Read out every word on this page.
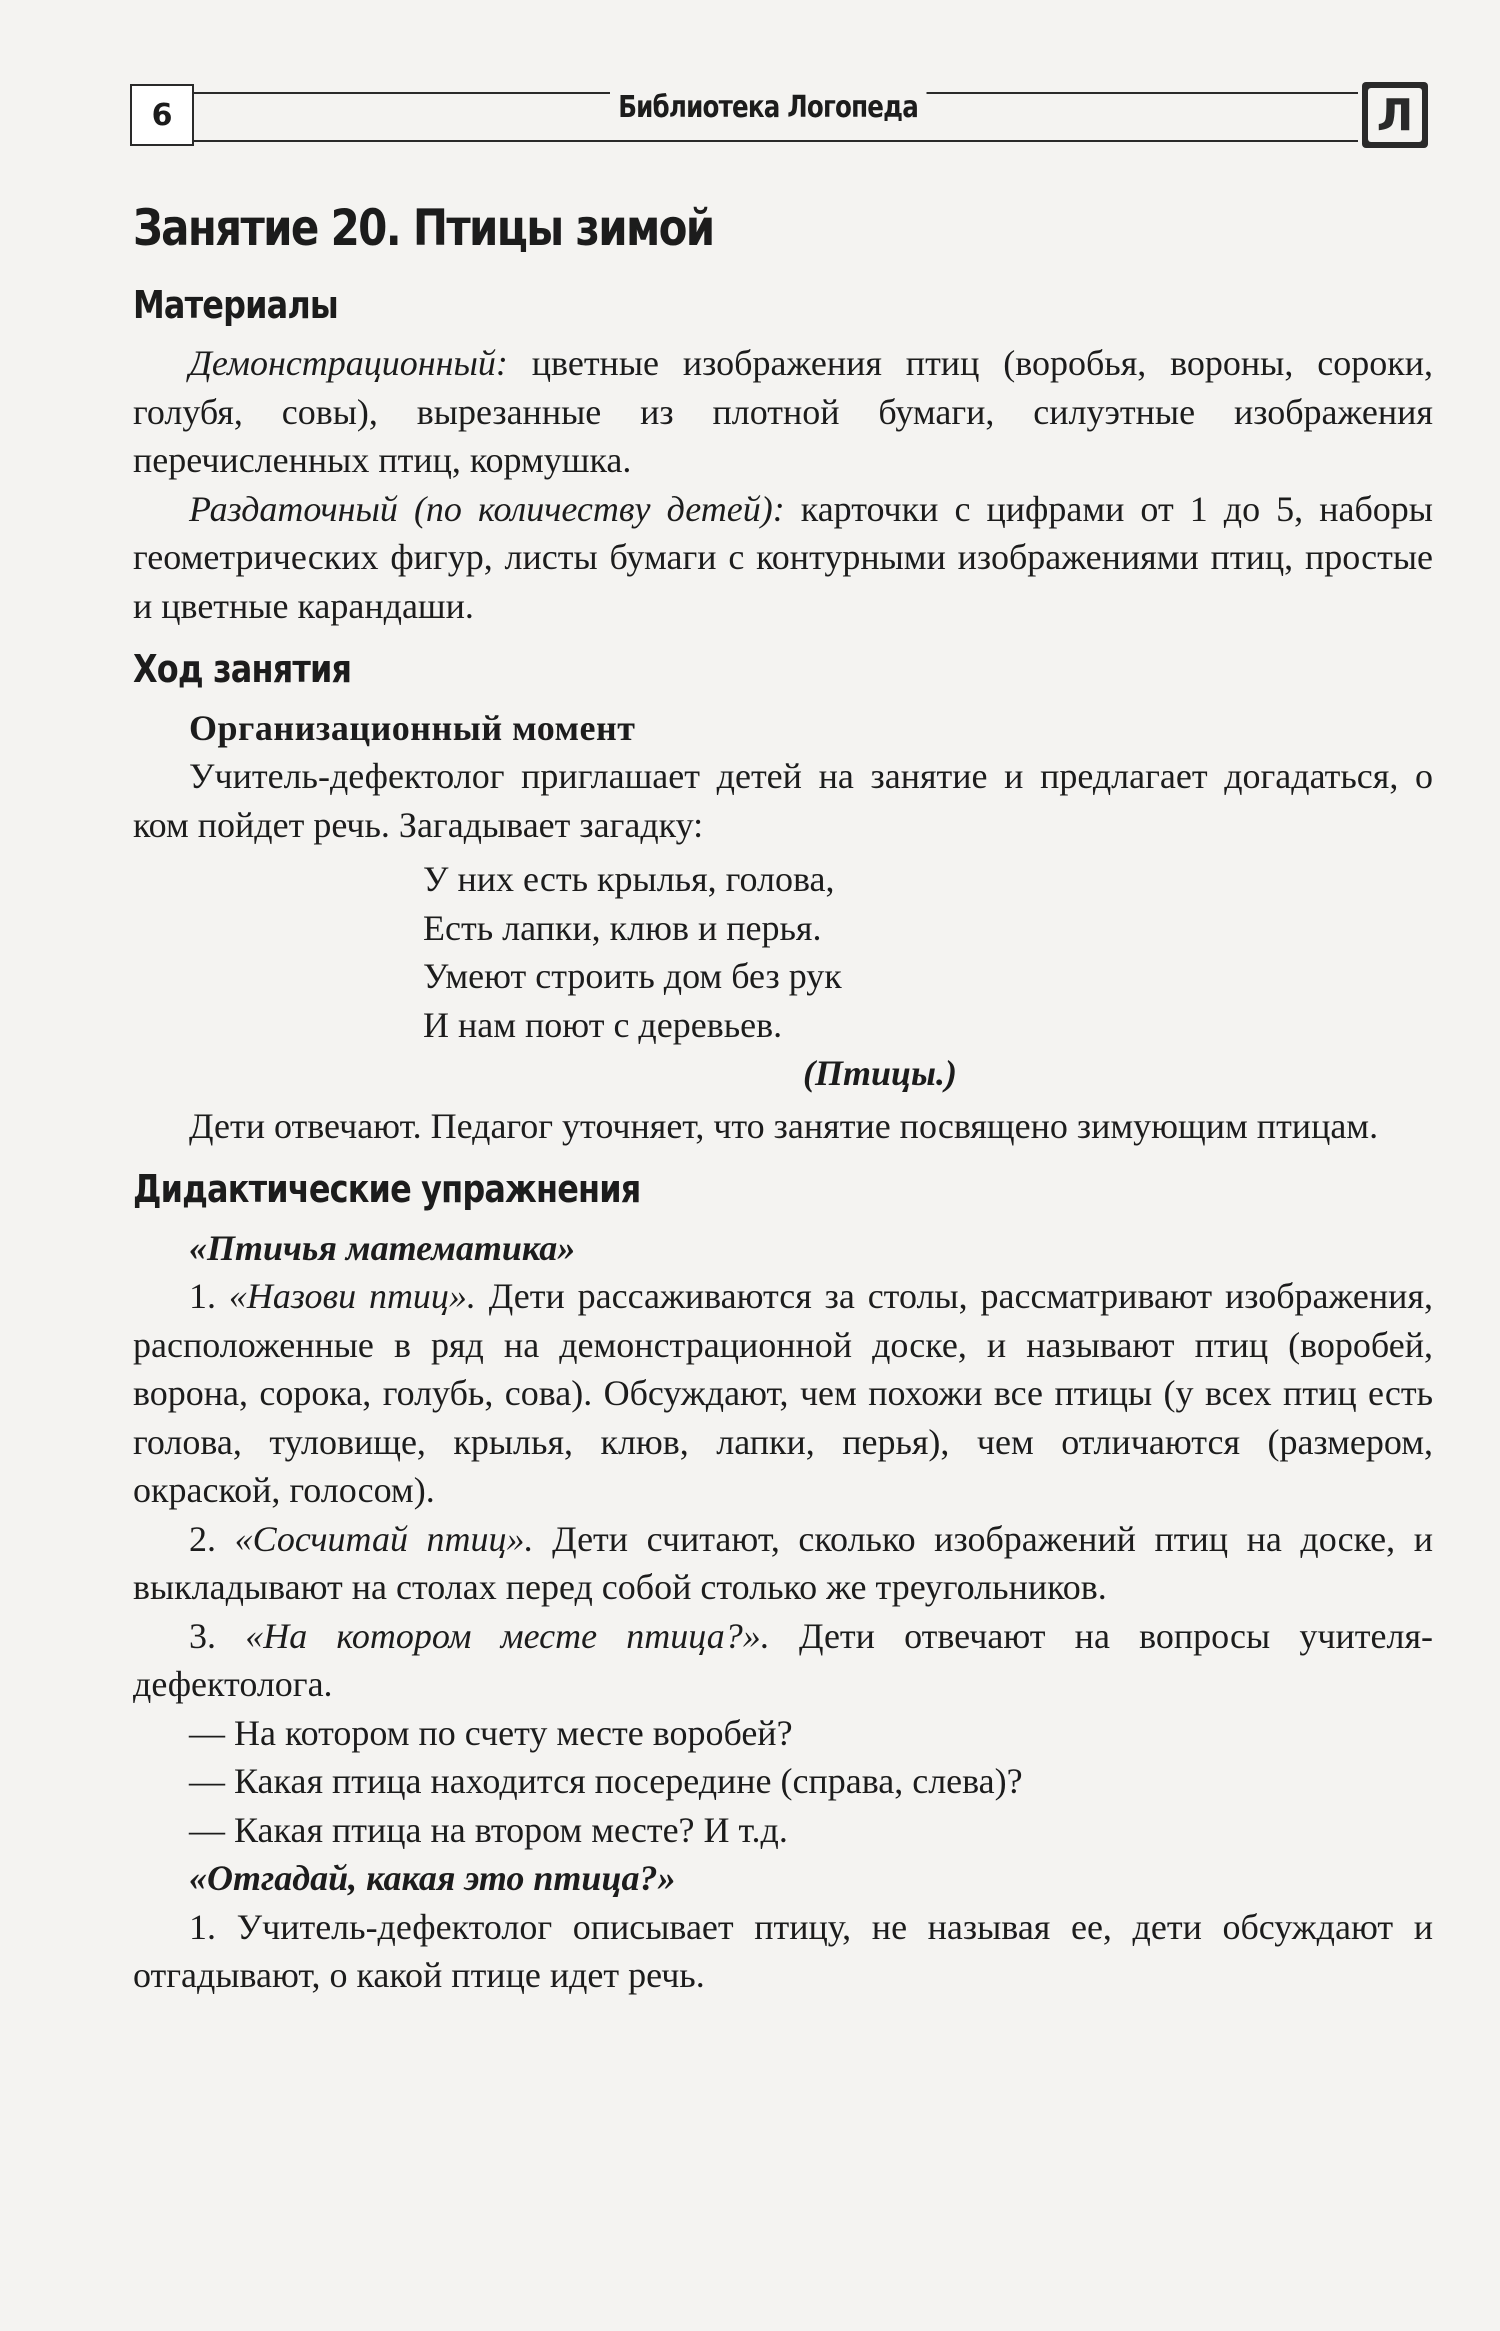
6	Библиотека Логопеда	Л
Занятие 20. Птицы зимой
Материалы

Демонстрационный: цветные изображения птиц (воробья, вороны, сороки, голубя, совы), вырезанные из плотной бумаги, силуэтные изображения перечисленных птиц, кормушка.

Раздаточный (по количеству детей): карточки с цифрами от 1 до 5, наборы геометрических фигур, листы бумаги с контурными изображениями птиц, простые и цветные карандаши.

Ход занятия
Организационный момент

Учитель-дефектолог приглашает детей на занятие и предлагает догадаться, о ком пойдет речь. Загадывает загадку:

У них есть крылья, голова,
Есть лапки, клюв и перья.
Умеют строить дом без рук
И нам поют с деревьев.
(Птицы.)

Дети отвечают. Педагог уточняет, что занятие посвящено зимующим птицам.

Дидактические упражнения
«Птичья математика»

1. «Назови птиц». Дети рассаживаются за столы, рассматривают изображения, расположенные в ряд на демонстрационной доске, и называют птиц (воробей, ворона, сорока, голубь, сова). Обсуждают, чем похожи все птицы (у всех птиц есть голова, туловище, крылья, клюв, лапки, перья), чем отличаются (размером, окраской, голосом).

2. «Сосчитай птиц». Дети считают, сколько изображений птиц на доске, и выкладывают на столах перед собой столько же треугольников.

3. «На котором месте птица?». Дети отвечают на вопросы учителя-дефектолога.

— На котором по счету месте воробей?
— Какая птица находится посередине (справа, слева)?
— Какая птица на втором месте? И т.д.
«Отгадай, какая это птица?»

1. Учитель-дефектолог описывает птицу, не называя ее, дети обсуждают и отгадывают, о какой птице идет речь.
